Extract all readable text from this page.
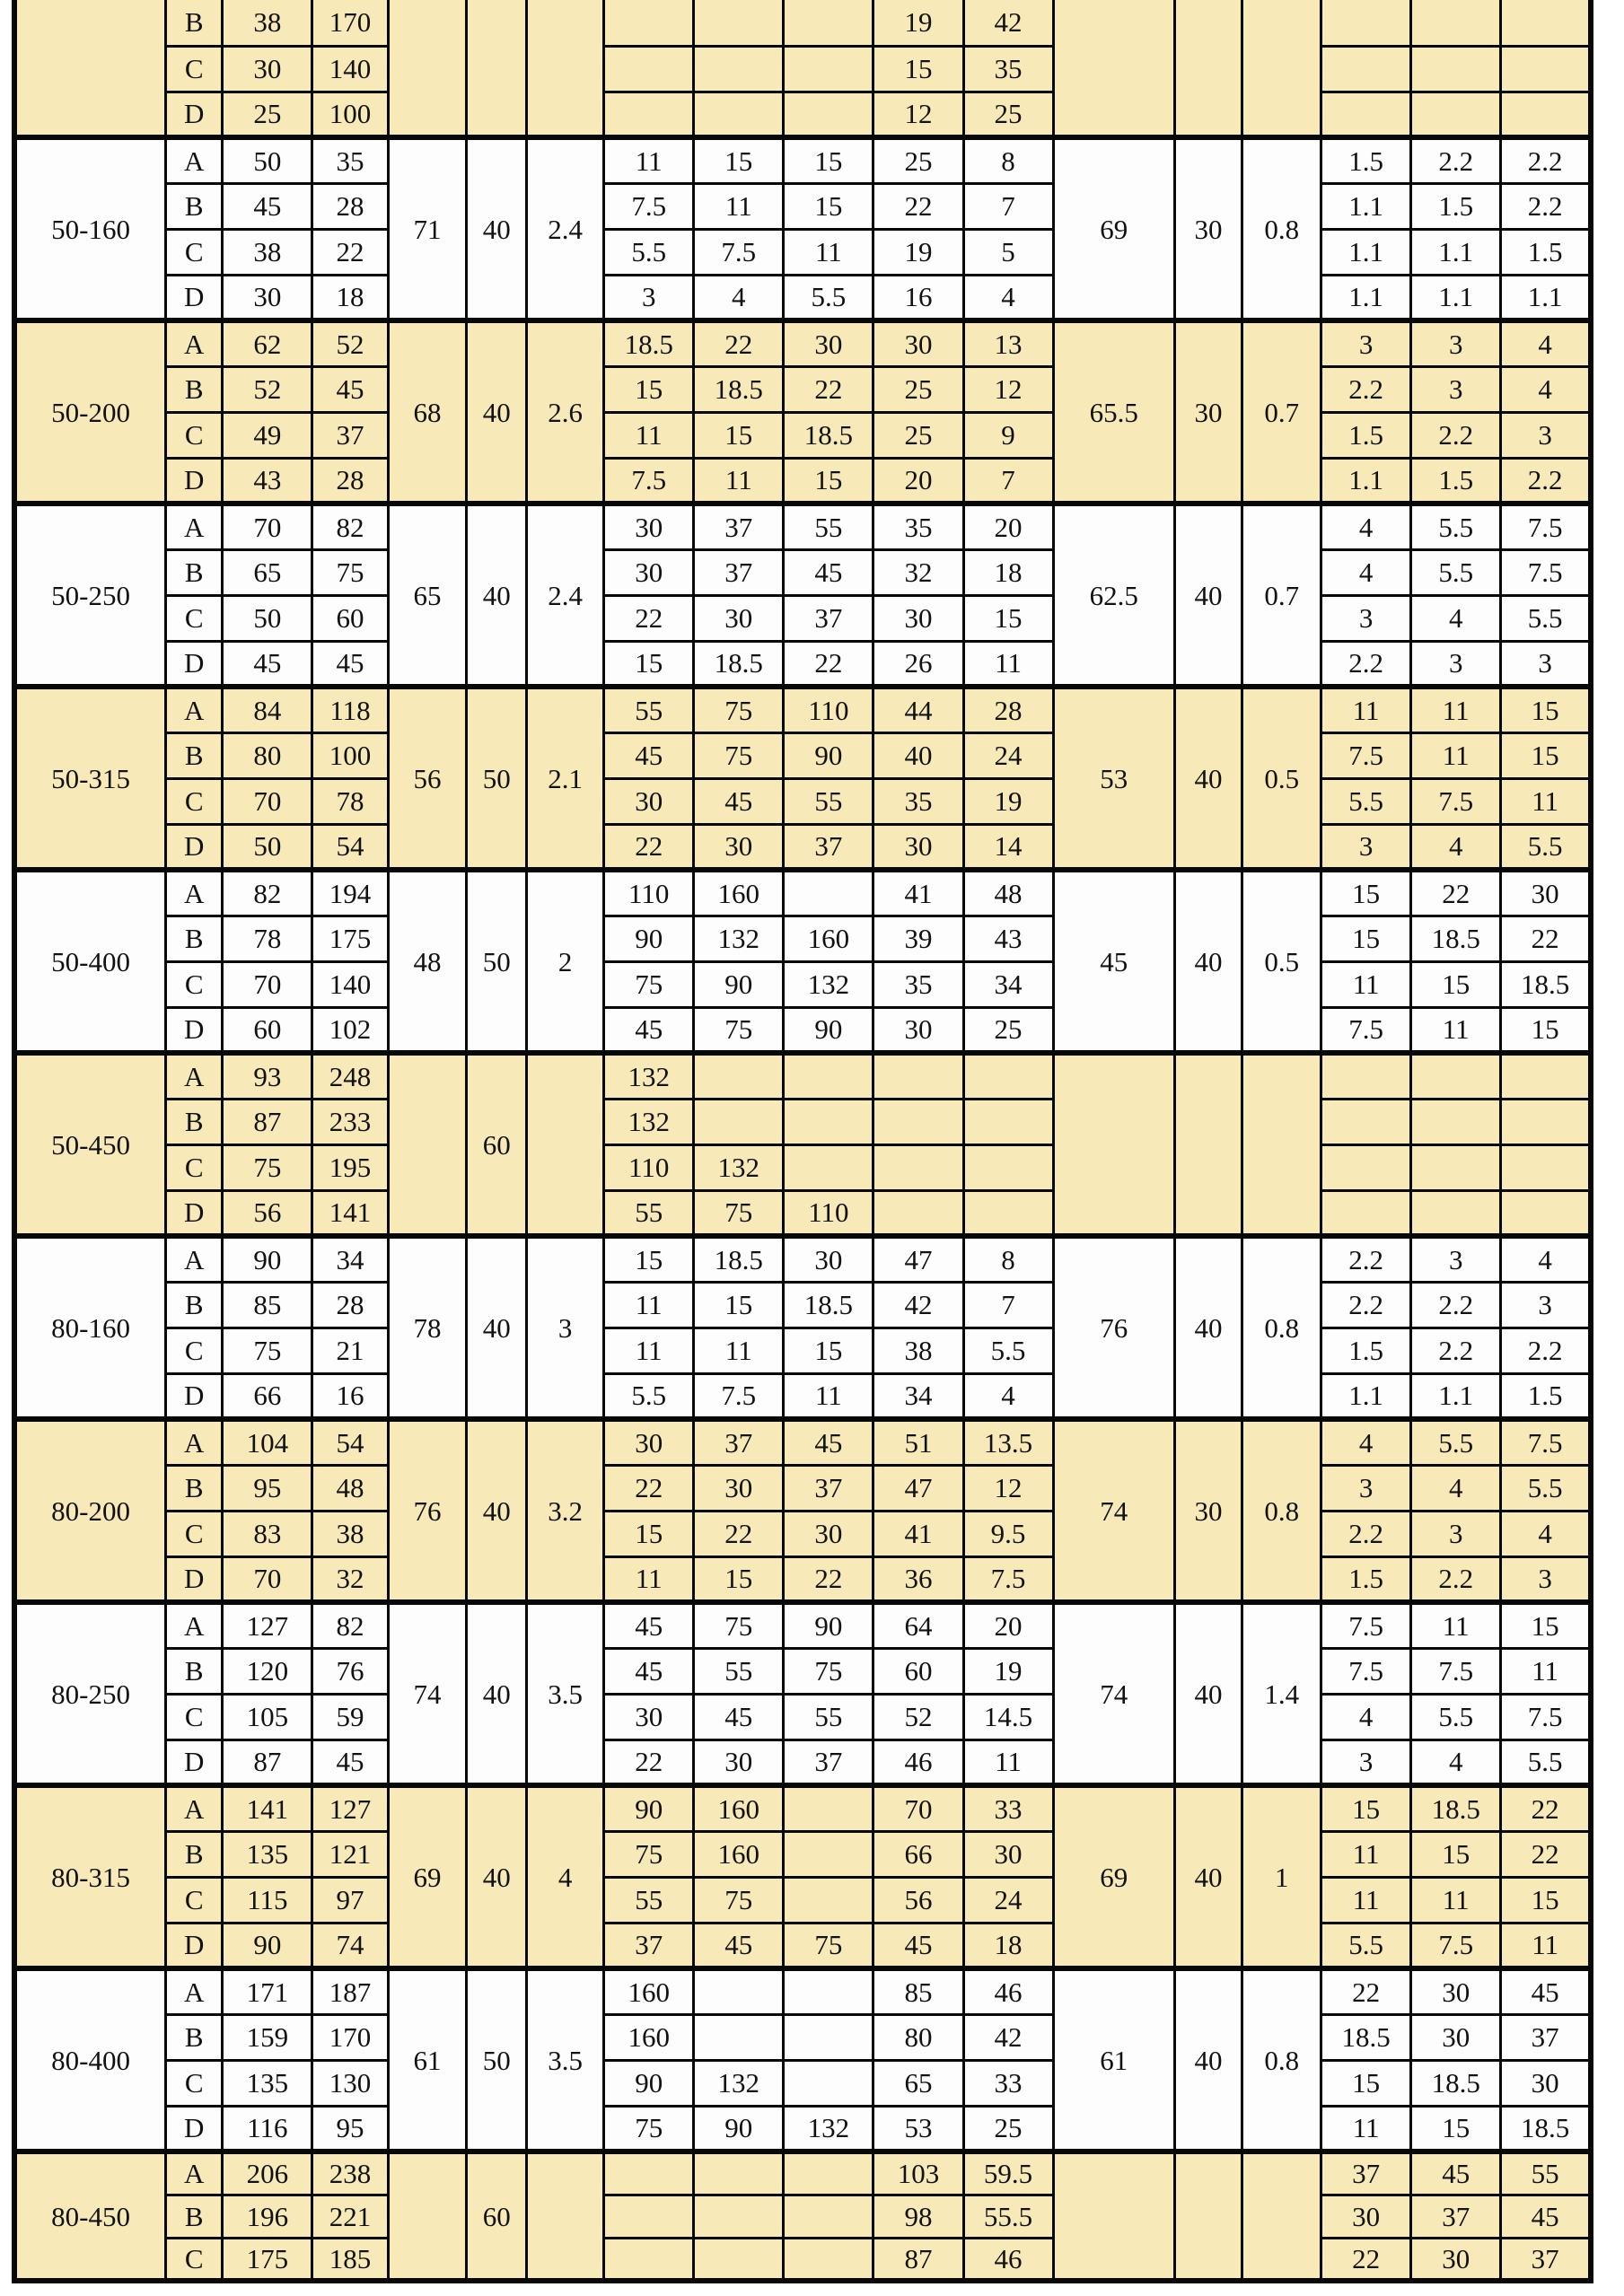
	B	38	170							19	42						
	C	30	140							15	35						
	D	25	100							12	25						
50-160	A	50	35	71	40	2.4	11	15	15	25	8	69	30	0.8	1.5	2.2	2.2
	B	45	28				7.5	11	15	22	7				1.1	1.5	2.2
	C	38	22				5.5	7.5	11	19	5				1.1	1.1	1.5
	D	30	18				3	4	5.5	16	4				1.1	1.1	1.1
50-200	A	62	52	68	40	2.6	18.5	22	30	30	13	65.5	30	0.7	3	3	4
	B	52	45				15	18.5	22	25	12				2.2	3	4
	C	49	37				11	15	18.5	25	9				1.5	2.2	3
	D	43	28				7.5	11	15	20	7				1.1	1.5	2.2
50-250	A	70	82	65	40	2.4	30	37	55	35	20	62.5	40	0.7	4	5.5	7.5
	B	65	75				30	37	45	32	18				4	5.5	7.5
	C	50	60				22	30	37	30	15				3	4	5.5
	D	45	45				15	18.5	22	26	11				2.2	3	3
50-315	A	84	118	56	50	2.1	55	75	110	44	28	53	40	0.5	11	11	15
	B	80	100				45	75	90	40	24				7.5	11	15
	C	70	78				30	45	55	35	19				5.5	7.5	11
	D	50	54				22	30	37	30	14				3	4	5.5
50-400	A	82	194	48	50	2	110	160		41	48	45	40	0.5	15	22	30
	B	78	175				90	132	160	39	43				15	18.5	22
	C	70	140				75	90	132	35	34				11	15	18.5
	D	60	102				45	75	90	30	25				7.5	11	15
50-450	A	93	248		60		132										
	B	87	233				132										
	C	75	195				110	132									
	D	56	141				55	75	110								
80-160	A	90	34	78	40	3	15	18.5	30	47	8	76	40	0.8	2.2	3	4
	B	85	28				11	15	18.5	42	7				2.2	2.2	3
	C	75	21				11	11	15	38	5.5				1.5	2.2	2.2
	D	66	16				5.5	7.5	11	34	4				1.1	1.1	1.5
80-200	A	104	54	76	40	3.2	30	37	45	51	13.5	74	30	0.8	4	5.5	7.5
	B	95	48				22	30	37	47	12				3	4	5.5
	C	83	38				15	22	30	41	9.5				2.2	3	4
	D	70	32				11	15	22	36	7.5				1.5	2.2	3
80-250	A	127	82	74	40	3.5	45	75	90	64	20	74	40	1.4	7.5	11	15
	B	120	76				45	55	75	60	19				7.5	7.5	11
	C	105	59				30	45	55	52	14.5				4	5.5	7.5
	D	87	45				22	30	37	46	11				3	4	5.5
80-315	A	141	127	69	40	4	90	160		70	33	69	40	1	15	18.5	22
	B	135	121				75	160		66	30				11	15	22
	C	115	97				55	75		56	24				11	11	15
	D	90	74				37	45	75	45	18				5.5	7.5	11
80-400	A	171	187	61	50	3.5	160			85	46	61	40	0.8	22	30	45
	B	159	170				160			80	42				18.5	30	37
	C	135	130				90	132		65	33				15	18.5	30
	D	116	95				75	90	132	53	25				11	15	18.5
80-450	A	206	238		60					103	59.5				37	45	55
	B	196	221							98	55.5				30	37	45
	C	175	185							87	46				22	30	37
